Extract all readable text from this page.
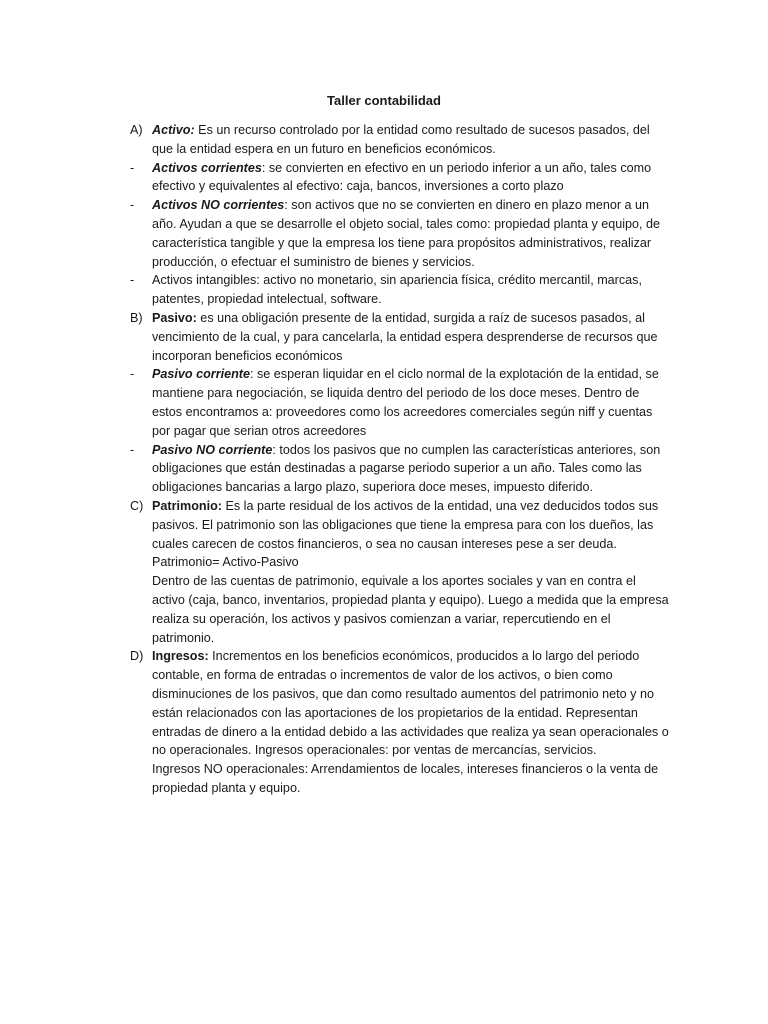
Taller contabilidad
A) Activo: Es un recurso controlado por la entidad como resultado de sucesos pasados, del que la entidad espera en un futuro en beneficios económicos.
- Activos corrientes: se convierten en efectivo en un periodo inferior a un año, tales como efectivo y equivalentes al efectivo: caja, bancos, inversiones a corto plazo
- Activos NO corrientes: son activos que no se convierten en dinero en plazo menor a un año. Ayudan a que se desarrolle el objeto social, tales como: propiedad planta y equipo, de característica tangible y que la empresa los tiene para propósitos administrativos, realizar producción, o efectuar el suministro de bienes y servicios.
- Activos intangibles: activo no monetario, sin apariencia física, crédito mercantil, marcas, patentes, propiedad intelectual, software.
B) Pasivo: es una obligación presente de la entidad, surgida a raíz de sucesos pasados, al vencimiento de la cual, y para cancelarla, la entidad espera desprenderse de recursos que incorporan beneficios económicos
- Pasivo corriente: se esperan liquidar en el ciclo normal de la explotación de la entidad, se mantiene para negociación, se liquida dentro del periodo de los doce meses. Dentro de estos encontramos a: proveedores como los acreedores comerciales según niff y cuentas por pagar que serian otros acreedores
- Pasivo NO corriente: todos los pasivos que no cumplen las características anteriores, son obligaciones que están destinadas a pagarse periodo superior a un año. Tales como las obligaciones bancarias a largo plazo, superiora doce meses, impuesto diferido.
C) Patrimonio: Es la parte residual de los activos de la entidad, una vez deducidos todos sus pasivos. El patrimonio son las obligaciones que tiene la empresa para con los dueños, las cuales carecen de costos financieros, o sea no causan intereses pese a ser deuda.
Patrimonio= Activo-Pasivo
Dentro de las cuentas de patrimonio, equivale a los aportes sociales y van en contra el activo (caja, banco, inventarios, propiedad planta y equipo). Luego a medida que la empresa realiza su operación, los activos y pasivos comienzan a variar, repercutiendo en el patrimonio.
D) Ingresos: Incrementos en los beneficios económicos, producidos a lo largo del periodo contable, en forma de entradas o incrementos de valor de los activos, o bien como disminuciones de los pasivos, que dan como resultado aumentos del patrimonio neto y no están relacionados con las aportaciones de los propietarios de la entidad. Representan entradas de dinero a la entidad debido a las actividades que realiza ya sean operacionales o no operacionales. Ingresos operacionales: por ventas de mercancías, servicios.
Ingresos NO operacionales: Arrendamientos de locales, intereses financieros o la venta de propiedad planta y equipo.
